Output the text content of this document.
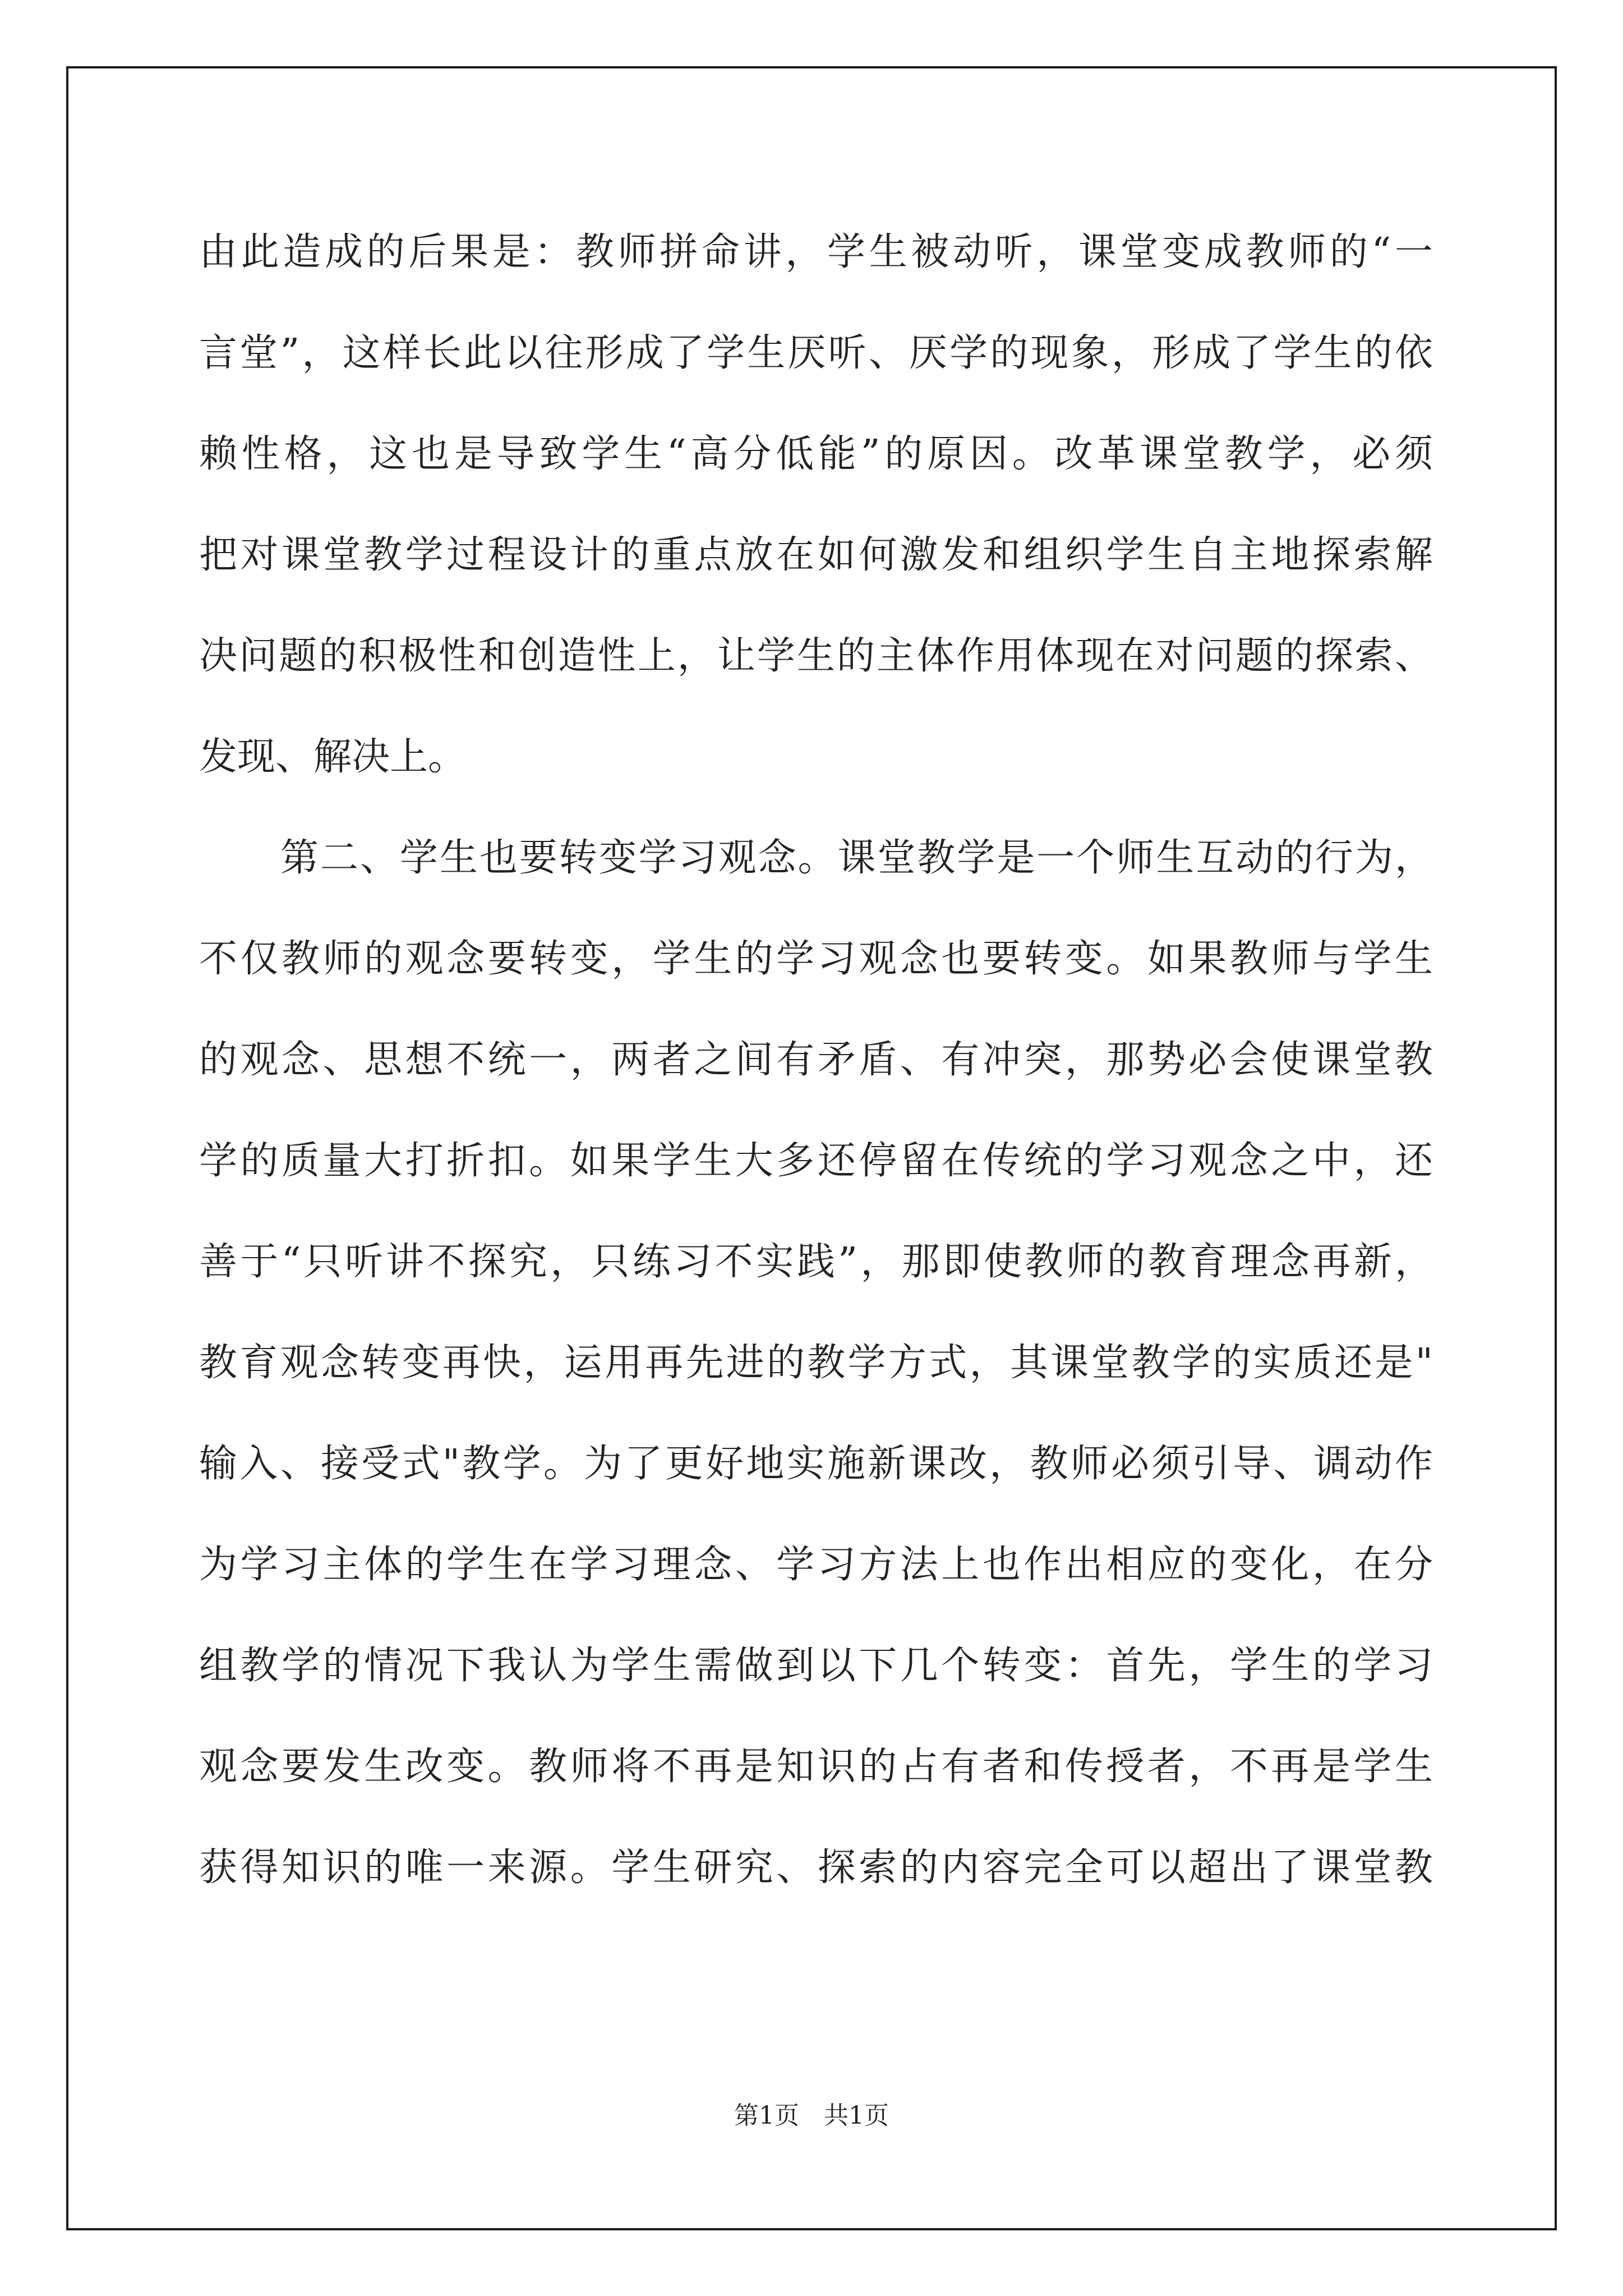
由此造成的后果是：教师拼命讲，学生被动听，课堂变成教师的“一
言堂”，这样长此以往形成了学生厌听、厌学的现象，形成了学生的依
赖性格，这也是导致学生“高分低能”的原因。改革课堂教学，必须
把对课堂教学过程设计的重点放在如何激发和组织学生自主地探索解
决问题的积极性和创造性上，让学生的主体作用体现在对问题的探索、
发现、解决上。
第二、学生也要转变学习观念。课堂教学是一个师生互动的行为，
不仅教师的观念要转变，学生的学习观念也要转变。如果教师与学生
的观念、思想不统一，两者之间有矛盾、有冲突，那势必会使课堂教
学的质量大打折扣。如果学生大多还停留在传统的学习观念之中，还
善于“只听讲不探究，只练习不实践”，那即使教师的教育理念再新，
教育观念转变再快，运用再先进的教学方式，其课堂教学的实质还是"
输入、接受式"教学。为了更好地实施新课改，教师必须引导、调动作
为学习主体的学生在学习理念、学习方法上也作出相应的变化，在分
组教学的情况下我认为学生需做到以下几个转变：首先，学生的学习
观念要发生改变。教师将不再是知识的占有者和传授者，不再是学生
获得知识的唯一来源。学生研究、探索的内容完全可以超出了课堂教
第1页　共1页
